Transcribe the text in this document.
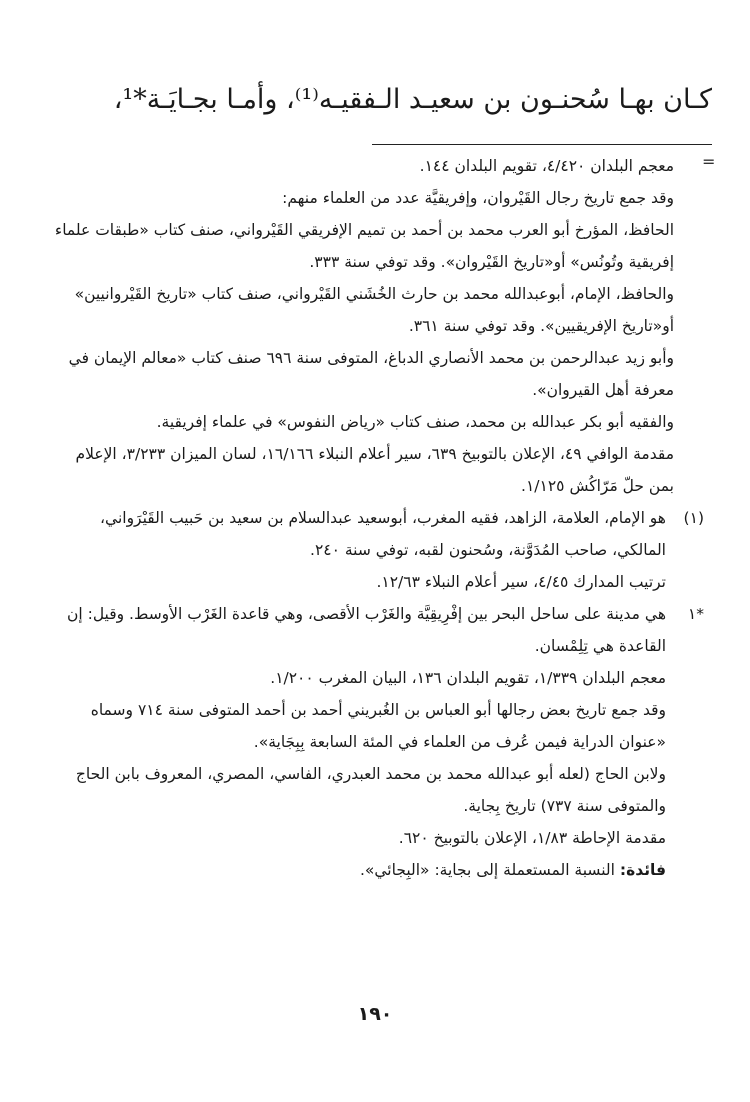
كـان بهـا سُحنـون بن سعيـد الـفقيـه⁽¹⁾، وأمـا بجـايَـة*¹،
=

معجم البلدان ٤/٤٢٠، تقويم البلدان ١٤٤.

وقد جمع تاريخ رجال القَيْروان، وإفريقيَّة عدد من العلماء منهم:

الحافظ، المؤرخ أبو العرب محمد بن أحمد بن تميم الإفريقي القَيْرواني، صنف كتاب «طبقات علماء إفريقية وتُونُس» أو«تاريخ القَيْروان». وقد توفي سنة ٣٣٣.

والحافظ، الإمام، أبوعبدالله محمد بن حارث الخُشَني القَيْرواني، صنف كتاب «تاريخ القَيْروانيين» أو«تاريخ الإفريقيين». وقد توفي سنة ٣٦١.

وأبو زيد عبدالرحمن بن محمد الأنصاري الدباغ، المتوفى سنة ٦٩٦ صنف كتاب «معالم الإيمان في معرفة أهل القيروان».

والفقيه أبو بكر عبدالله بن محمد، صنف كتاب «رياض النفوس» في علماء إفريقية.

مقدمة الوافي ٤٩، الإعلان بالتوبيخ ٦٣٩، سير أعلام النبلاء ١٦/١٦٦، لسان الميزان ٣/٢٣٣، الإعلام بمن حلّ مَرّاكُش ١/١٢٥.

(١)

هو الإمام، العلامة، الزاهد، فقيه المغرب، أبوسعيد عبدالسلام بن سعيد بن حَبيب القَيْرَواني، المالكي، صاحب المُدَوَّنة، وسُحنون لقبه، توفي سنة ٢٤٠.

ترتيب المدارك ٤/٤٥، سير أعلام النبلاء ١٢/٦٣.

*١

هي مدينة على ساحل البحر بين إفْرِيقِيَّة والغَرْب الأقصى، وهي قاعدة الغَرْب الأوسط. وقيل: إن القاعدة هي تِلِمْسان.

معجم البلدان ١/٣٣٩، تقويم البلدان ١٣٦، البيان المغرب ١/٢٠٠.

وقد جمع تاريخ بعض رجالها أبو العباس بن الغُبريني أحمد بن أحمد المتوفى سنة ٧١٤ وسماه «عنوان الدراية فيمن عُرف من العلماء في المئة السابعة بِبِجَاية».

ولابن الحاج (لعله أبو عبدالله محمد بن محمد العبدري، الفاسي، المصري، المعروف بابن الحاج والمتوفى سنة ٧٣٧) تاريخ بِجاية.

مقدمة الإحاطة ١/٨٣، الإعلان بالتوبيخ ٦٢٠.

فائدة: النسبة المستعملة إلى بجاية: «البِجائي».

١٩٠
